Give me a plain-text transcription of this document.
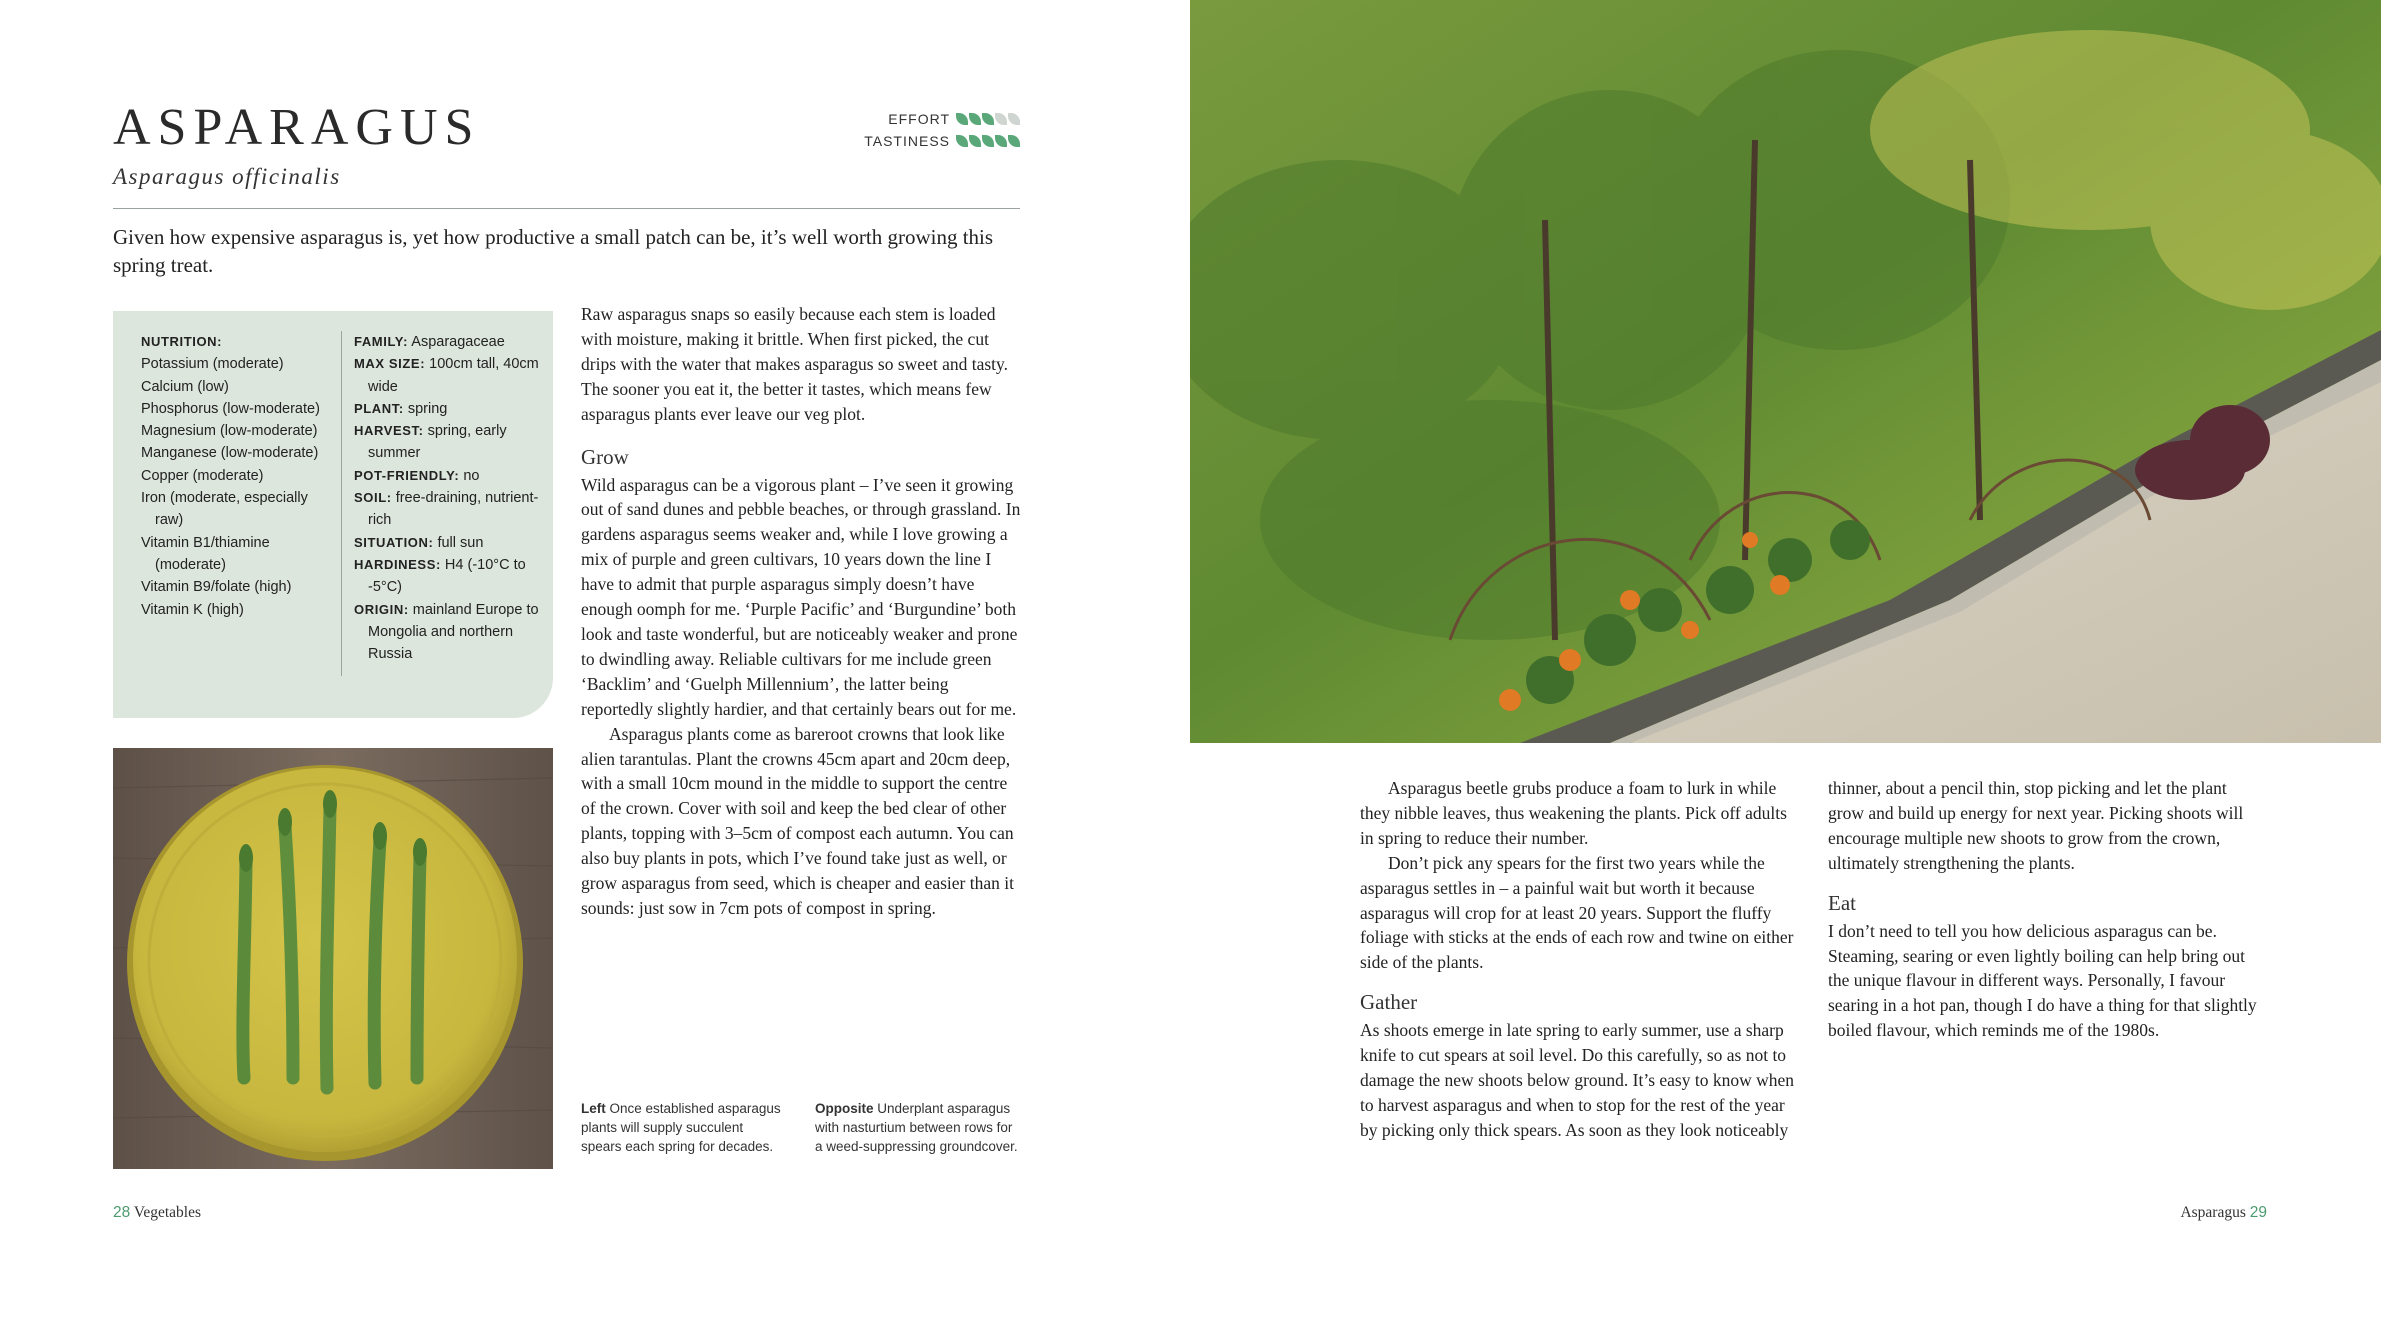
ASPARAGUS
Asparagus officinalis
EFFORT
TASTINESS
Given how expensive asparagus is, yet how productive a small patch can be, it’s well worth growing this spring treat.
NUTRITION:
Potassium (moderate)
Calcium (low)
Phosphorus (low-moderate)
Magnesium (low-moderate)
Manganese (low-moderate)
Copper (moderate)
Iron (moderate, especially raw)
Vitamin B1/thiamine (moderate)
Vitamin B9/folate (high)
Vitamin K (high)
FAMILY: Asparagaceae
MAX SIZE: 100cm tall, 40cm wide
PLANT: spring
HARVEST: spring, early summer
POT-FRIENDLY: no
SOIL: free-draining, nutrient-rich
SITUATION: full sun
HARDINESS: H4 (-10°C to -5°C)
ORIGIN: mainland Europe to Mongolia and northern Russia

Raw asparagus snaps so easily because each stem is loaded with moisture, making it brittle. When first picked, the cut drips with the water that makes asparagus so sweet and tasty. The sooner you eat it, the better it tastes, which means few asparagus plants ever leave our veg plot.

Grow

Wild asparagus can be a vigorous plant – I’ve seen it growing out of sand dunes and pebble beaches, or through grassland. In gardens asparagus seems weaker and, while I love growing a mix of purple and green cultivars, 10 years down the line I have to admit that purple asparagus simply doesn’t have enough oomph for me. ‘Purple Pacific’ and ‘Burgundine’ both look and taste wonderful, but are noticeably weaker and prone to dwindling away. Reliable cultivars for me include green ‘Backlim’ and ‘Guelph Millennium’, the latter being reportedly slightly hardier, and that certainly bears out for me.

Asparagus plants come as bareroot crowns that look like alien tarantulas. Plant the crowns 45cm apart and 20cm deep, with a small 10cm mound in the middle to support the centre of the crown. Cover with soil and keep the bed clear of other plants, topping with 3–5cm of compost each autumn. You can also buy plants in pots, which I’ve found take just as well, or grow asparagus from seed, which is cheaper and easier than it sounds: just sow in 7cm pots of compost in spring.

Left Once established asparagus plants will supply succulent spears each spring for decades.
Opposite Underplant asparagus with nasturtium between rows for a weed-suppressing groundcover.
28 Vegetables

Asparagus beetle grubs produce a foam to lurk in while they nibble leaves, thus weakening the plants. Pick off adults in spring to reduce their number.

Don’t pick any spears for the first two years while the asparagus settles in – a painful wait but worth it because asparagus will crop for at least 20 years. Support the fluffy foliage with sticks at the ends of each row and twine on either side of the plants.

Gather

As shoots emerge in late spring to early summer, use a sharp knife to cut spears at soil level. Do this carefully, so as not to damage the new shoots below ground. It’s easy to know when to harvest asparagus and when to stop for the rest of the year by picking only thick spears. As soon as they look noticeably

thinner, about a pencil thin, stop picking and let the plant grow and build up energy for next year. Picking shoots will encourage multiple new shoots to grow from the crown, ultimately strengthening the plants.

Eat

I don’t need to tell you how delicious asparagus can be. Steaming, searing or even lightly boiling can help bring out the unique flavour in different ways. Personally, I favour searing in a hot pan, though I do have a thing for that slightly boiled flavour, which reminds me of the 1980s.

Asparagus 29
